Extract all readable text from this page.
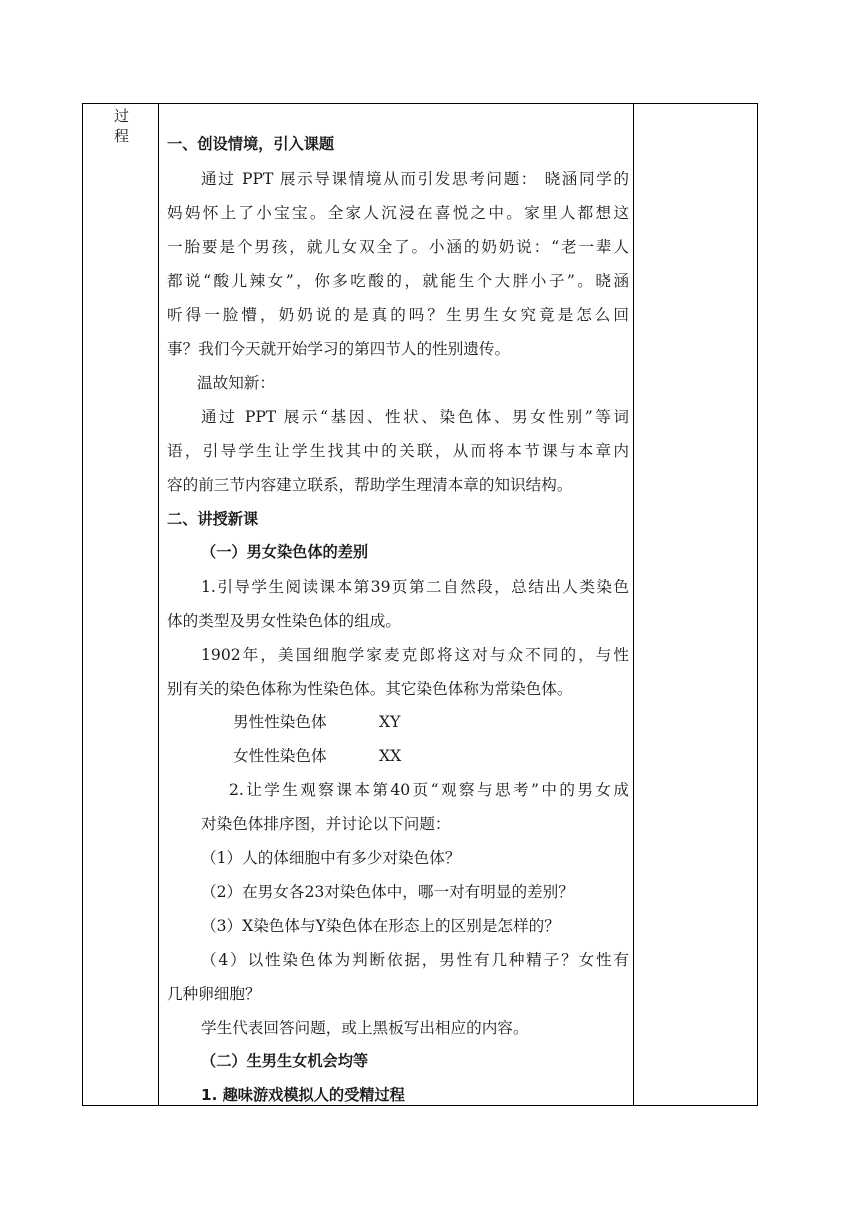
过
程	一、创设情境，引入课题
通过 PPT 展示导课情境从而引发思考问题： 晓涵同学的
妈妈怀上了小宝宝。全家人沉浸在喜悦之中。家里人都想这
一胎要是个男孩，就儿女双全了。小涵的奶奶说：“老一辈人
都说“酸儿辣女”，你多吃酸的，就能生个大胖小子”。晓涵
听得一脸懵，奶奶说的是真的吗？生男生女究竟是怎么回
事？我们今天就开始学习的第四节人的性别遗传。
温故知新：
通过 PPT 展示“基因、性状、染色体、男女性别”等词
语，引导学生让学生找其中的关联，从而将本节课与本章内
容的前三节内容建立联系，帮助学生理清本章的知识结构。
二、讲授新课
（一）男女染色体的差别
1.引导学生阅读课本第39页第二自然段，总结出人类染色
体的类型及男女性染色体的组成。
1902年，美国细胞学家麦克郎将这对与众不同的，与性
别有关的染色体称为性染色体。其它染色体称为常染色体。
男性性染色体	XY
女性性染色体	XX
2.让学生观察课本第40页“观察与思考”中的男女成
对染色体排序图，并讨论以下问题：
（1）人的体细胞中有多少对染色体？
（2）在男女各23对染色体中，哪一对有明显的差别？
（3）X染色体与Y染色体在形态上的区别是怎样的？
（4）以性染色体为判断依据，男性有几种精子？女性有
几种卵细胞？
学生代表回答问题，或上黑板写出相应的内容。
（二）生男生女机会均等
1. 趣味游戏模拟人的受精过程
